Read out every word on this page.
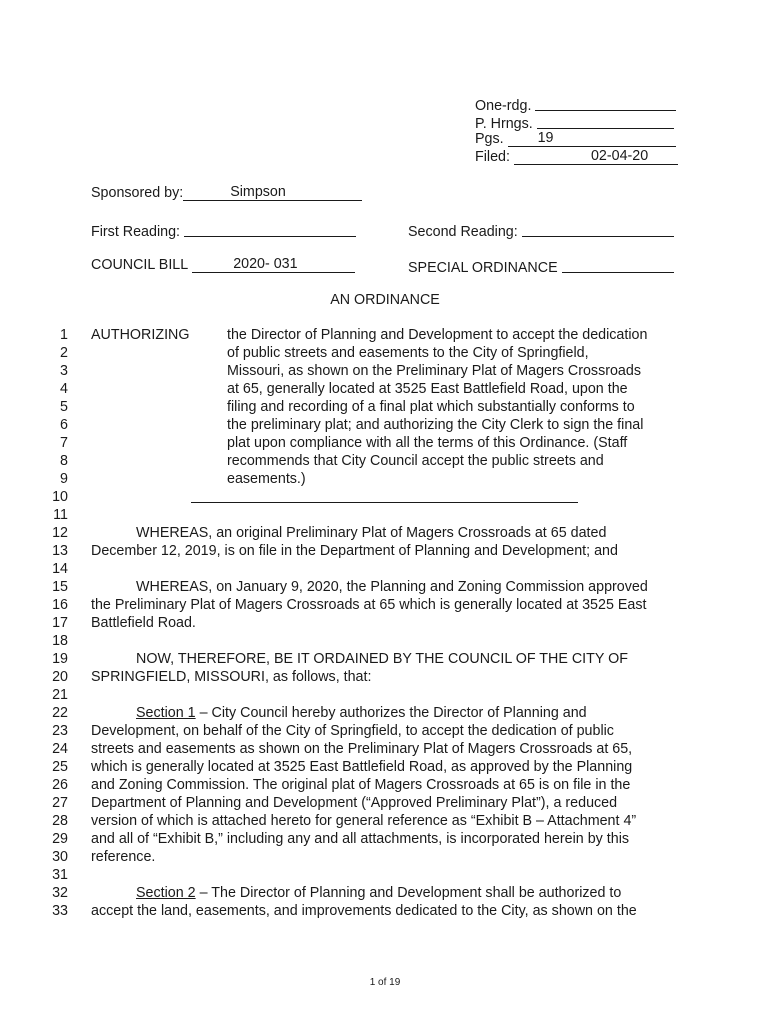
One-rdg.
P. Hrngs.
Pgs. 19
Filed:	02-04-20
Sponsored by:	Simpson
First Reading:	Second Reading:
COUNCIL BILL	2020- 031	SPECIAL ORDINANCE
AN ORDINANCE
1
2
3
4
5
6
7
8
9
10
11
12
13
14
15
16
17
18
19
20
21
22
23
24
25
26
27
28
29
30
31
32
33
AUTHORIZING	the Director of Planning and Development to accept the dedication
of public streets and easements to the City of Springfield,
Missouri, as shown on the Preliminary Plat of Magers Crossroads
at 65, generally located at 3525 East Battlefield Road, upon the
filing and recording of a final plat which substantially conforms to
the preliminary plat; and authorizing the City Clerk to sign the final
plat upon compliance with all the terms of this Ordinance. (Staff
recommends that City Council accept the public streets and
easements.)
WHEREAS, an original Preliminary Plat of Magers Crossroads at 65 dated
December 12, 2019, is on file in the Department of Planning and Development; and
WHEREAS, on January 9, 2020, the Planning and Zoning Commission approved
the Preliminary Plat of Magers Crossroads at 65 which is generally located at 3525 East
Battlefield Road.
NOW, THEREFORE, BE IT ORDAINED BY THE COUNCIL OF THE CITY OF
SPRINGFIELD, MISSOURI, as follows, that:
Section 1 – City Council hereby authorizes the Director of Planning and
Development, on behalf of the City of Springfield, to accept the dedication of public
streets and easements as shown on the Preliminary Plat of Magers Crossroads at 65,
which is generally located at 3525 East Battlefield Road, as approved by the Planning
and Zoning Commission. The original plat of Magers Crossroads at 65 is on file in the
Department of Planning and Development (“Approved Preliminary Plat”), a reduced
version of which is attached hereto for general reference as “Exhibit B – Attachment 4”
and all of “Exhibit B,” including any and all attachments, is incorporated herein by this
reference.
Section 2 – The Director of Planning and Development shall be authorized to
accept the land, easements, and improvements dedicated to the City, as shown on the
1 of 19
